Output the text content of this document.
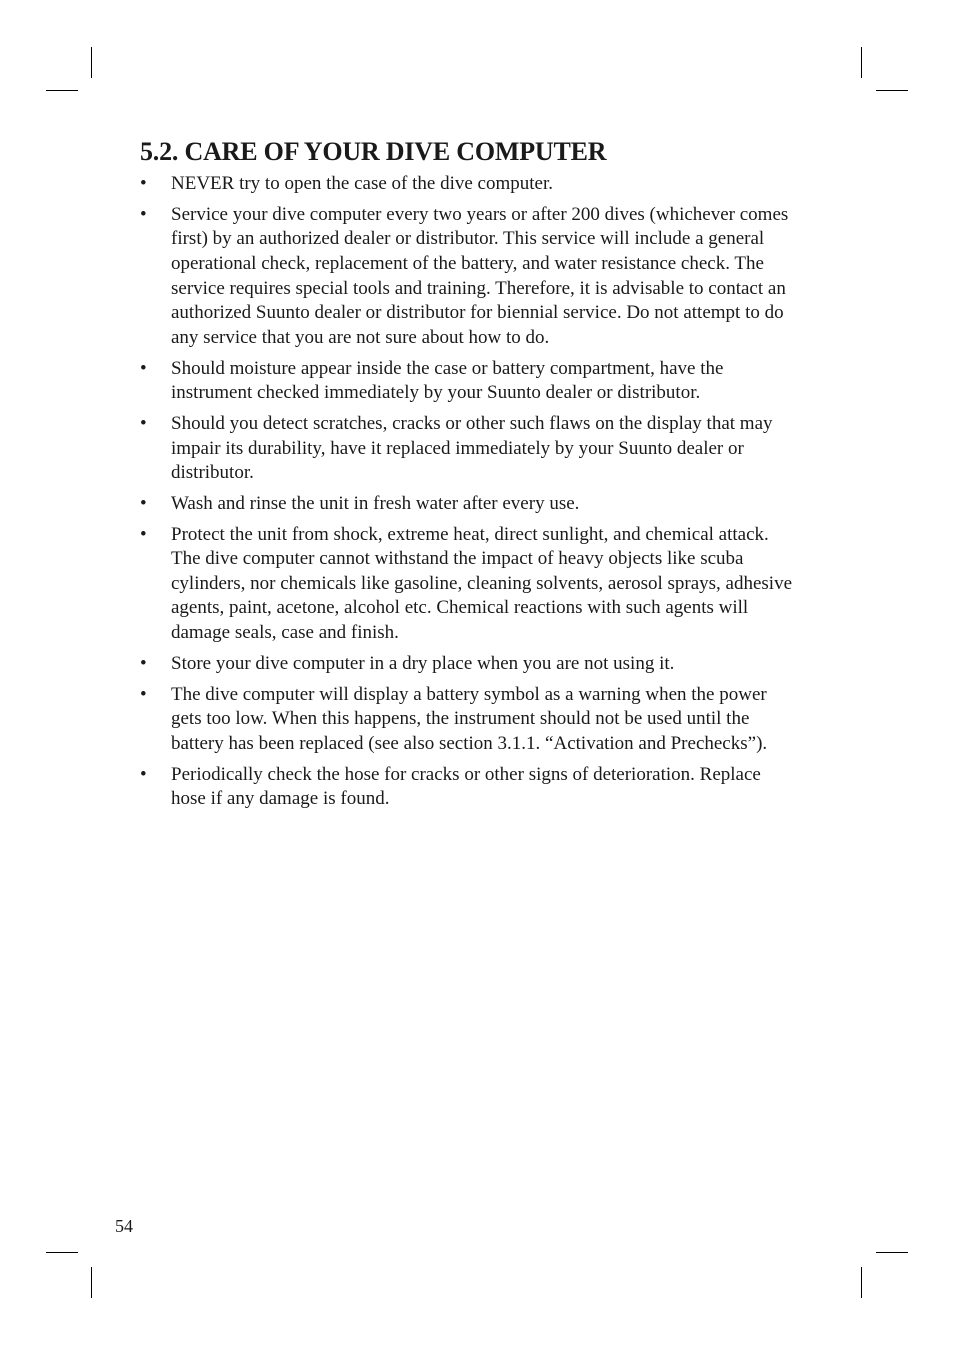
5.2. CARE OF YOUR DIVE COMPUTER
• NEVER try to open the case of the dive computer.
• Service your dive computer every two years or after 200 dives (whichever comes first) by an authorized dealer or distributor. This service will include a general operational check, replacement of the battery, and water resistance check. The service requires special tools and training. Therefore, it is advisable to contact an authorized Suunto dealer or distributor for biennial service. Do not attempt to do any service that you are not sure about how to do.
• Should moisture appear inside the case or battery compartment, have the instrument checked immediately by your Suunto dealer or distributor.
• Should you detect scratches, cracks or other such flaws on the display that may impair its durability, have it replaced immediately by your Suunto dealer or distributor.
• Wash and rinse the unit in fresh water after every use.
• Protect the unit from shock, extreme heat, direct sunlight, and chemical attack. The dive computer cannot withstand the impact of heavy objects like scuba cylinders, nor chemicals like gasoline, cleaning solvents, aerosol sprays, adhesive agents, paint, acetone, alcohol etc. Chemical reactions with such agents will damage seals, case and finish.
• Store your dive computer in a dry place when you are not using it.
• The dive computer will display a battery symbol as a warning when the power gets too low. When this happens, the instrument should not be used until the battery has been replaced (see also section 3.1.1. “Activation and Prechecks”).
• Periodically check the hose for cracks or other signs of deterioration. Replace hose if any damage is found.
54
